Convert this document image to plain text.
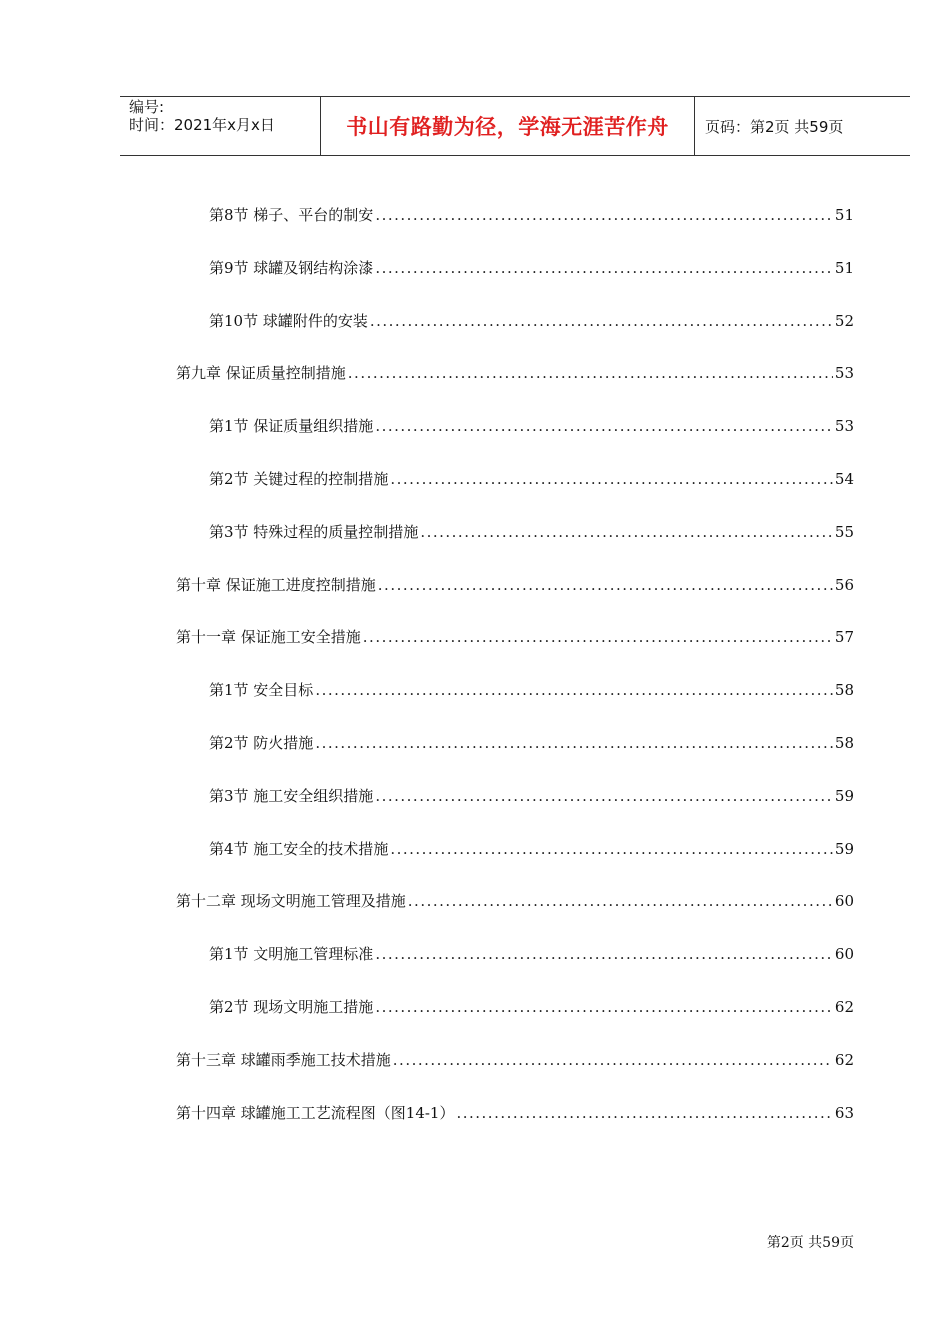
编号:
时间：2021年x月x日	书山有路勤为径，学海无涯苦作舟 页码：第2页 共59页
第8节 梯子、平台的制安 .....	51
第9节 球罐及钢结构涂漆 .....	51
第10节 球罐附件的安装 .....	52
第九章 保证质量控制措施 .....	53
第1节 保证质量组织措施 .....	53
第2节 关键过程的控制措施 .....	54
第3节 特殊过程的质量控制措施 .....	55
第十章 保证施工进度控制措施 .....	56
第十一章 保证施工安全措施 .....	57
第1节 安全目标 .....	58
第2节 防火措施 .....	58
第3节 施工安全组织措施 .....	59
第4节 施工安全的技术措施 .....	59
第十二章 现场文明施工管理及措施 .....	60
第1节 文明施工管理标准 .....	60
第2节 现场文明施工措施 .....	62
第十三章 球罐雨季施工技术措施 .....	62
第十四章 球罐施工工艺流程图（图14-1） .....	63
第2页 共59页
